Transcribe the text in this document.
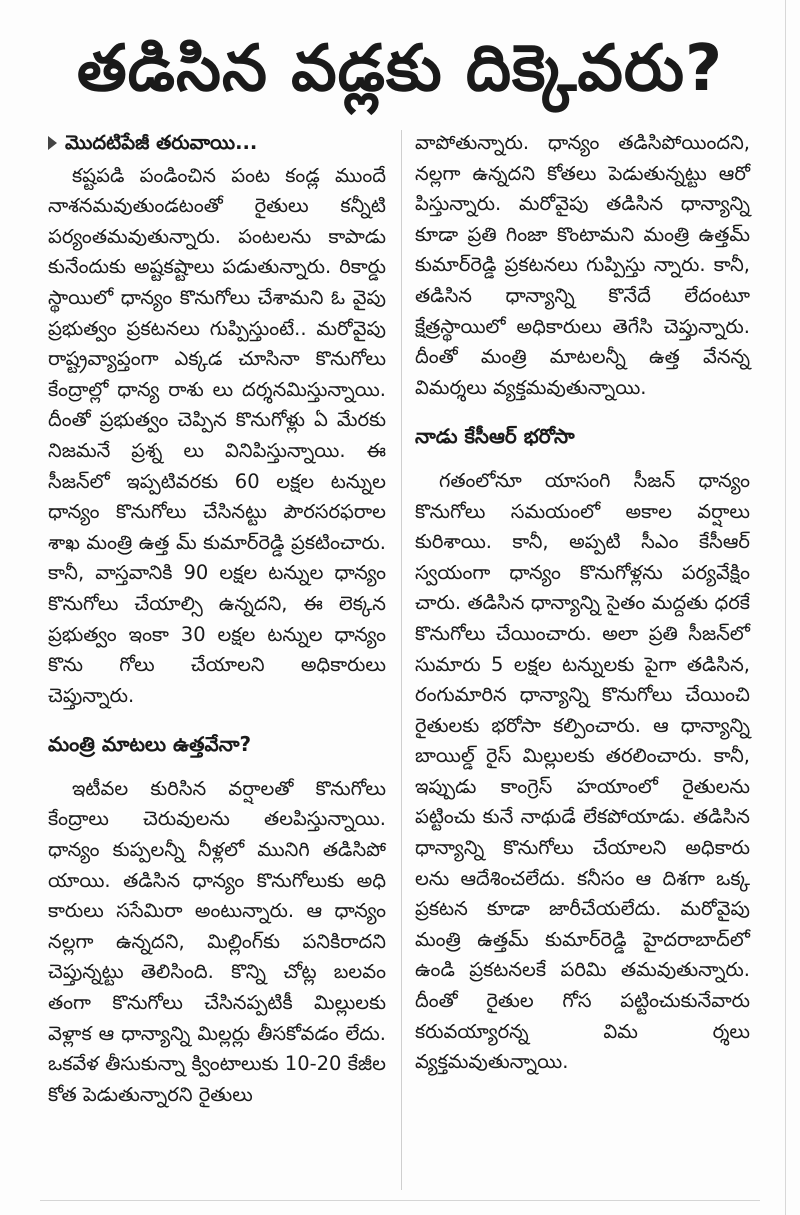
తడిసిన వడ్లకు దిక్కెవరు?
మొదటిపేజీ తరువాయి...

కష్టపడి పండించిన పంట కండ్ల ముందే నాశనమవుతుండటంతో రైతులు కన్నీటి పర్యంతమవుతున్నారు. పంటలను కాపాడు కునేందుకు అష్టకష్టాలు పడుతున్నారు. రికార్డు స్థాయిలో ధాన్యం కొనుగోలు చేశామని ఓ వైపు ప్రభుత్వం ప్రకటనలు గుప్పిస్తుంటే.. మరోవైపు రాష్ట్రవ్యాప్తంగా ఎక్కడ చూసినా కొనుగోలు కేంద్రాల్లో ధాన్య రాశు లు దర్శనమిస్తున్నాయి. దీంతో ప్రభుత్వం చెప్పిన కొనుగోళ్లు ఏ మేరకు నిజమనే ప్రశ్న లు వినిపిస్తున్నాయి. ఈ సీజన్‌లో ఇప్పటివరకు 60 లక్షల టన్నుల ధాన్యం కొనుగోలు చేసినట్టు పౌరసరఫరాల శాఖ మంత్రి ఉత్త మ్ కుమార్‌రెడ్డి ప్రకటించారు. కానీ, వాస్తవానికి 90 లక్షల టన్నుల ధాన్యం కొనుగోలు చేయాల్సి ఉన్నదని, ఈ లెక్కన ప్రభుత్వం ఇంకా 30 లక్షల టన్నుల ధాన్యం కొను గోలు చేయాలని అధికారులు చెప్తున్నారు.

మంత్రి మాటలు ఉత్తవేనా?

ఇటీవల కురిసిన వర్షాలతో కొనుగోలు కేంద్రాలు చెరువులను తలపిస్తున్నాయి. ధాన్యం కుప్పలన్నీ నీళ్లలో మునిగి తడిసిపో యాయి. తడిసిన ధాన్యం కొనుగోలుకు అధి కారులు ససేమిరా అంటున్నారు. ఆ ధాన్యం నల్లగా ఉన్నదని, మిల్లింగ్‌కు పనికిరాదని చెప్తున్నట్టు తెలిసింది. కొన్ని చోట్ల బలవం తంగా కొనుగోలు చేసినప్పటికీ మిల్లులకు వెళ్లాక ఆ ధాన్యాన్ని మిల్లర్లు తీసకోవడం లేదు. ఒకవేళ తీసుకున్నా క్వింటాలుకు 10-20 కేజీల కోత పెడుతున్నారని రైతులు

వాపోతున్నారు. ధాన్యం తడిసిపోయిందని, నల్లగా ఉన్నదని కోతలు పెడుతున్నట్టు ఆరో పిస్తున్నారు. మరోవైపు తడిసిన ధాన్యాన్ని కూడా ప్రతి గింజా కొంటామని మంత్రి ఉత్తమ్ కుమార్‌రెడ్డి ప్రకటనలు గుప్పిస్తు న్నారు. కానీ, తడిసిన ధాన్యాన్ని కొనేదే లేదంటూ క్షేత్రస్థాయిలో అధికారులు తెగేసి చెప్తున్నారు. దీంతో మంత్రి మాటలన్నీ ఉత్త వేనన్న విమర్శలు వ్యక్తమవుతున్నాయి.

నాడు కేసీఆర్ భరోసా

గతంలోనూ యాసంగి సీజన్ ధాన్యం కొనుగోలు సమయంలో అకాల వర్షాలు కురిశాయి. కానీ, అప్పటి సీఎం కేసీఆర్ స్వయంగా ధాన్యం కొనుగోళ్లను పర్యవేక్షిం చారు. తడిసిన ధాన్యాన్ని సైతం మద్దతు ధరకే కొనుగోలు చేయించారు. అలా ప్రతి సీజన్‌లో సుమారు 5 లక్షల టన్నులకు పైగా తడిసిన, రంగుమారిన ధాన్యాన్ని కొనుగోలు చేయించి రైతులకు భరోసా కల్పించారు. ఆ ధాన్యాన్ని బాయిల్డ్ రైస్ మిల్లులకు తరలించారు. కానీ, ఇప్పుడు కాంగ్రెస్ హయాంలో రైతులను పట్టించు కునే నాథుడే లేకపోయాడు. తడిసిన ధాన్యాన్ని కొనుగోలు చేయాలని అధికారు లను ఆదేశించలేదు. కనీసం ఆ దిశగా ఒక్క ప్రకటన కూడా జారీచేయలేదు. మరోవైపు మంత్రి ఉత్తమ్ కుమార్‌రెడ్డి హైదరాబాద్‌లో ఉండి ప్రకటనలకే పరిమి తమవుతున్నారు. దీంతో రైతుల గోస పట్టించుకునేవారు కరువయ్యారన్న విమ ర్శలు వ్యక్తమవుతున్నాయి.
